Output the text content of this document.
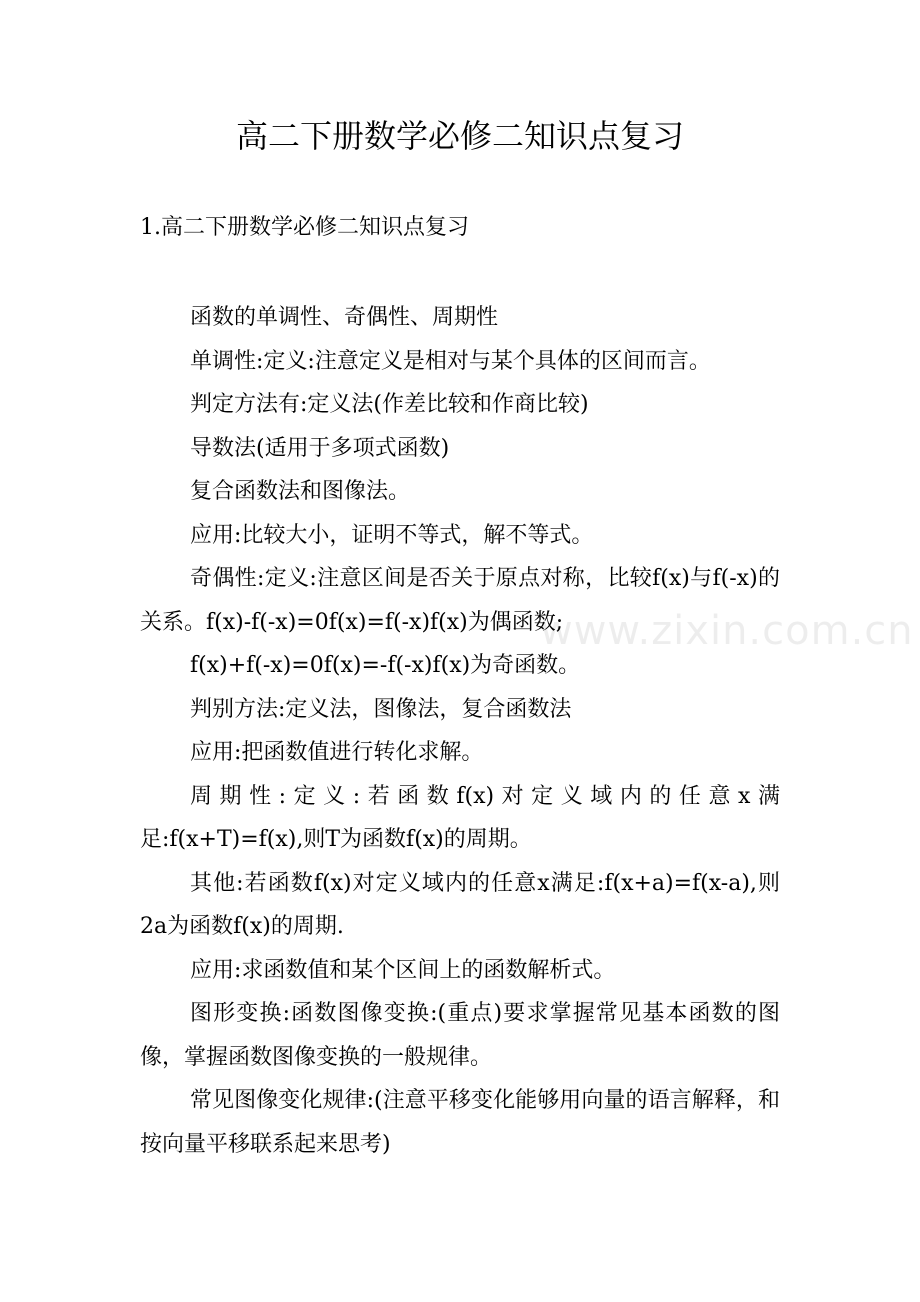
高二下册数学必修二知识点复习

1.高二下册数学必修二知识点复习

函数的单调性、奇偶性、周期性

单调性:定义:注意定义是相对与某个具体的区间而言。

判定方法有:定义法(作差比较和作商比较)

导数法(适用于多项式函数)

复合函数法和图像法。

应用:比较大小，证明不等式，解不等式。

奇偶性:定义:注意区间是否关于原点对称，比较f(x)与f(-x)的关系。f(x)-f(-x)=0f(x)=f(-x)f(x)为偶函数;

f(x)+f(-x)=0f(x)=-f(-x)f(x)为奇函数。

判别方法:定义法，图像法，复合函数法

应用:把函数值进行转化求解。

周期性:定义:若函数f(x)对定义域内的任意x满足:f(x+T)=f(x),则T为函数f(x)的周期。

其他:若函数f(x)对定义域内的任意x满足:f(x+a)=f(x-a),则2a为函数f(x)的周期.

应用:求函数值和某个区间上的函数解析式。

图形变换:函数图像变换:(重点)要求掌握常见基本函数的图像，掌握函数图像变换的一般规律。

常见图像变化规律:(注意平移变化能够用向量的语言解释，和按向量平移联系起来思考)

www.zixin.com.cn
